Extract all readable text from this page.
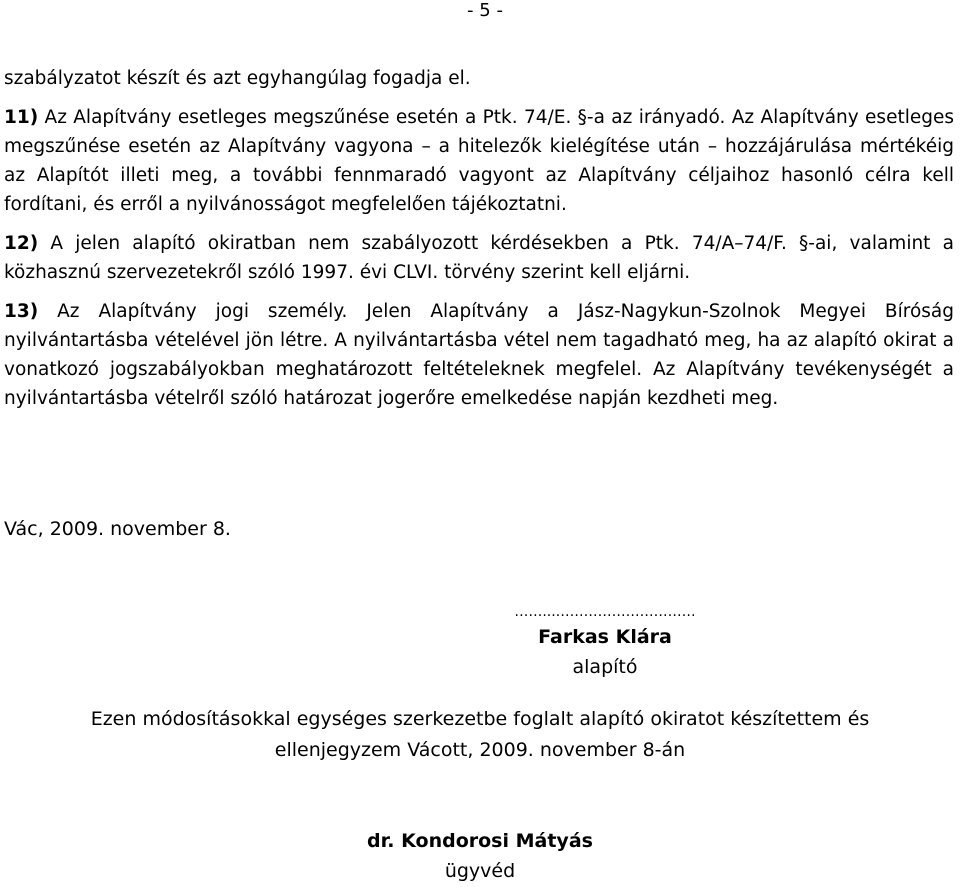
- 5 -

szabályzatot készít és azt egyhangúlag fogadja el.

11) Az Alapítvány esetleges megszűnése esetén a Ptk. 74/E. §-a az irányadó. Az Alapítvány esetleges megszűnése esetén az Alapítvány vagyona – a hitelezők kielégítése után – hozzájárulása mértékéig az Alapítót illeti meg, a további fennmaradó vagyont az Alapítvány céljaihoz hasonló célra kell fordítani, és erről a nyilvánosságot megfelelően tájékoztatni.

12) A jelen alapító okiratban nem szabályozott kérdésekben a Ptk. 74/A–74/F. §-ai, valamint a közhasznú szervezetekről szóló 1997. évi CLVI. törvény szerint kell eljárni.

13) Az Alapítvány jogi személy. Jelen Alapítvány a Jász-Nagykun-Szolnok Megyei Bíróság nyilvántartásba vételével jön létre. A nyilvántartásba vétel nem tagadható meg, ha az alapító okirat a vonatkozó jogszabályokban meghatározott feltételeknek megfelel. Az Alapítvány tevékenységét a nyilvántartásba vételről szóló határozat jogerőre emelkedése napján kezdheti meg.

Vác, 2009. november 8.
……...…………………………
Farkas Klára
alapító
Ezen módosításokkal egységes szerkezetbe foglalt alapító okiratot készítettem és
ellenjegyzem Vácott, 2009. november 8-án
dr. Kondorosi Mátyás
ügyvéd
